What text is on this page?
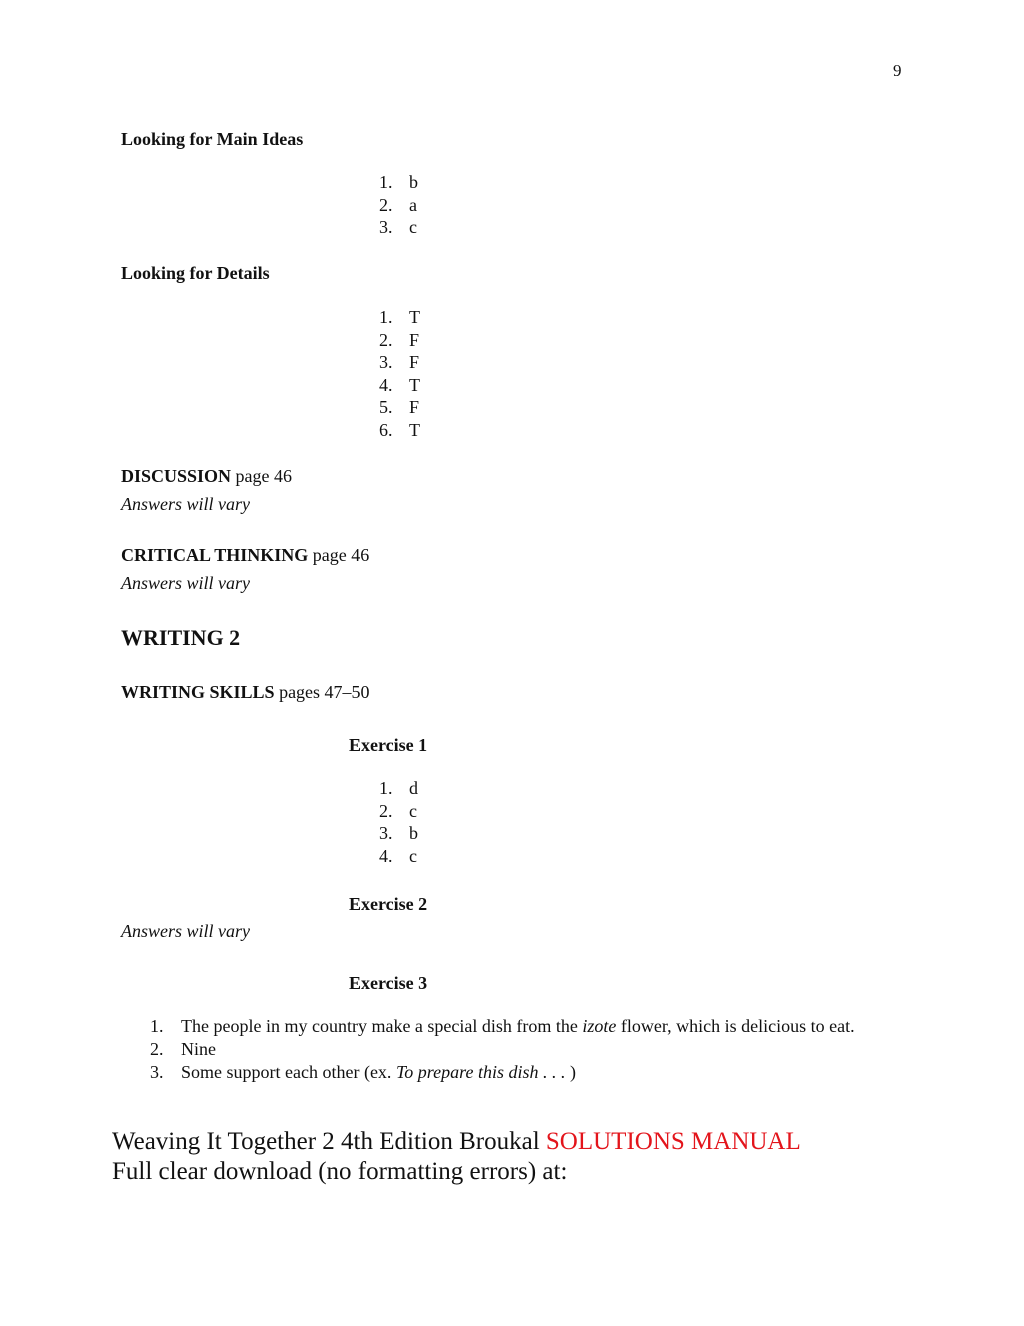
9
Looking for Main Ideas
1. b
2. a
3. c
Looking for Details
1. T
2. F
3. F
4. T
5. F
6. T
DISCUSSION page 46
Answers will vary
CRITICAL THINKING page 46
Answers will vary
WRITING 2
WRITING SKILLS pages 47–50
Exercise 1
1. d
2. c
3. b
4. c
Exercise 2
Answers will vary
Exercise 3
1. The people in my country make a special dish from the izote flower, which is delicious to eat.
2. Nine
3. Some support each other (ex. To prepare this dish . . . )
Weaving It Together 2 4th Edition Broukal SOLUTIONS MANUAL
Full clear download (no formatting errors) at:
